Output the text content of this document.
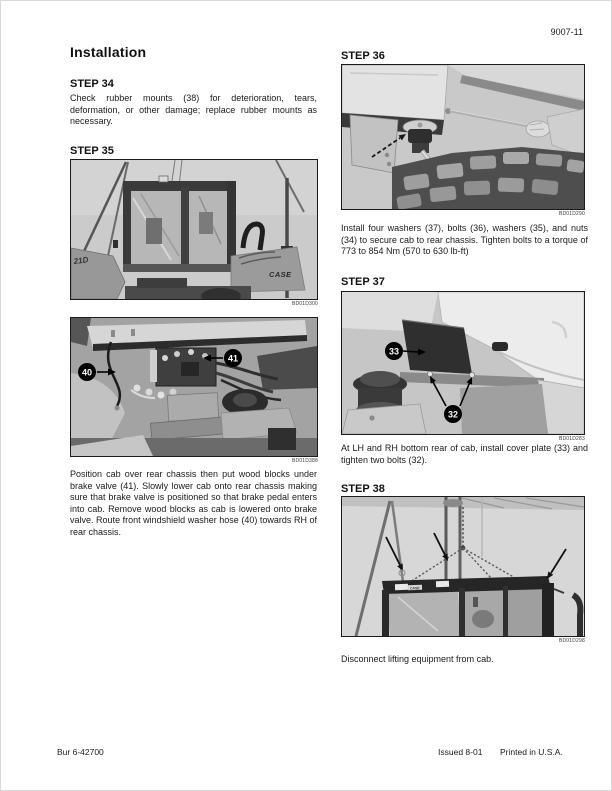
9007-11
Installation
STEP 34
Check rubber mounts (38) for deterioration, tears, deformation, or other damage; replace rubber mounts as necessary.
STEP 35
CASE
21D
BD01D300
40
41
BD01D388
Position cab over rear chassis then put wood blocks under brake valve (41). Slowly lower cab onto rear chassis making sure that brake valve is positioned so that brake pedal enters into cab. Remove wood blocks as cab is lowered onto brake valve. Route front windshield washer hose (40) towards RH of rear chassis.
STEP 36
BD01D290
Install four washers (37), bolts (36), washers (35), and nuts (34) to secure cab to rear chassis. Tighten bolts to a torque of 773 to 854 Nm (570 to 630 lb-ft)
STEP 37
33
32
BD01D283
At LH and RH bottom rear of cab, install cover plate (33) and tighten two bolts (32).
STEP 38
CASE
BD01D298
Disconnect lifting equipment from cab.
Bur 6-42700	Issued 8-01 Printed in U.S.A.
